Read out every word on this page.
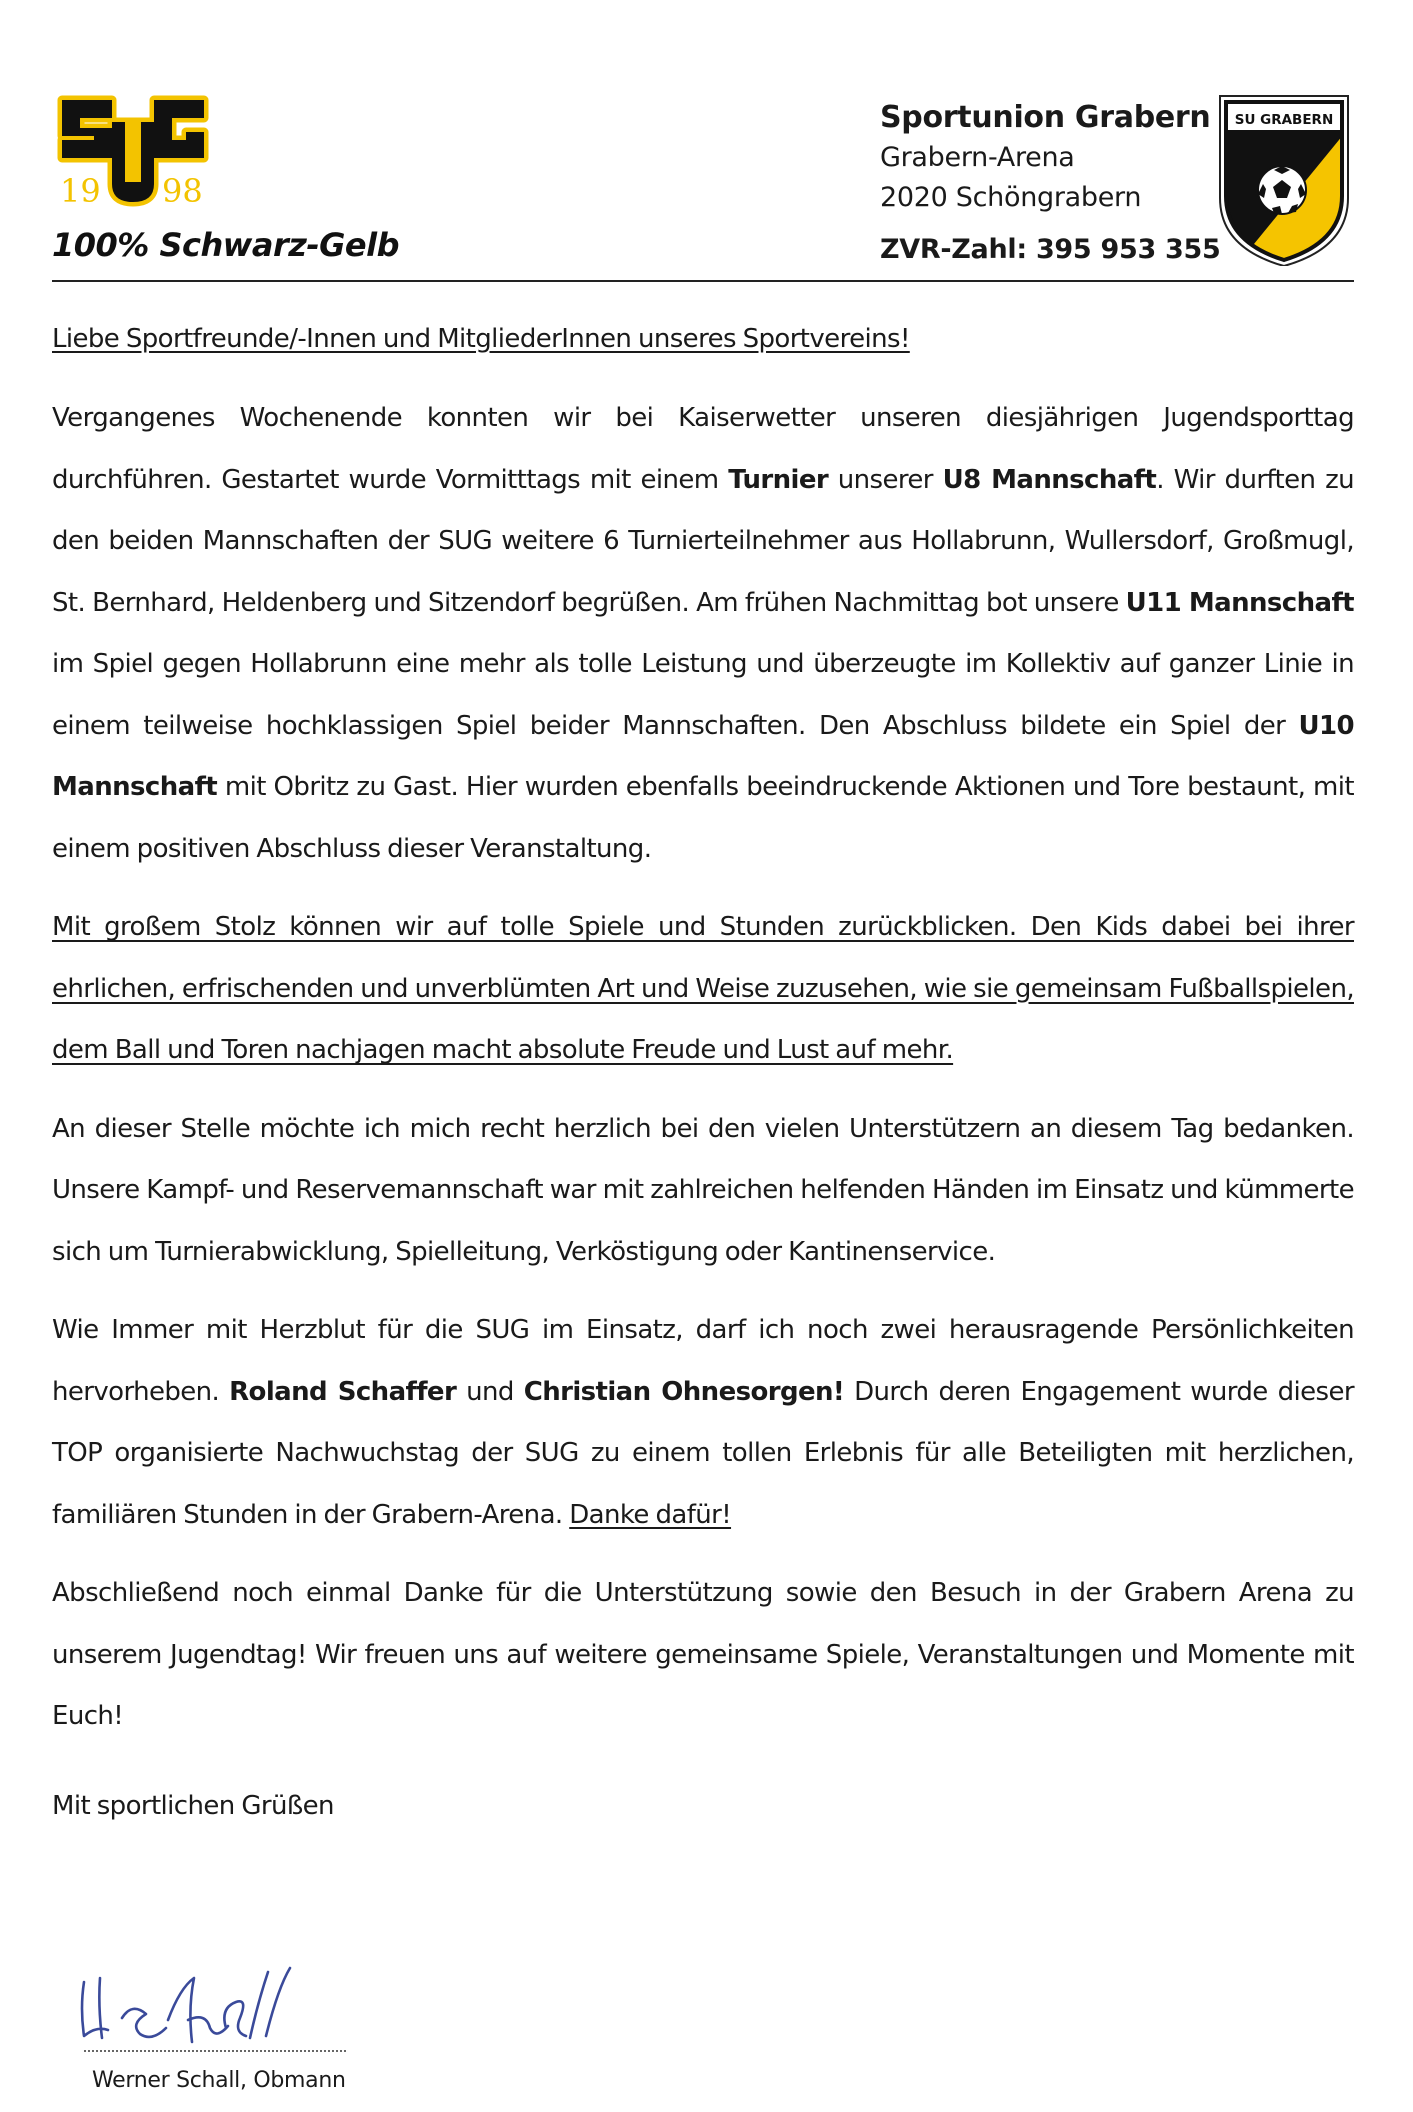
19 98
100% Schwarz-Gelb
Sportunion Grabern
Grabern-Arena
2020 Schöngrabern
ZVR-Zahl: 395 953 355
SU GRABERN
Liebe Sportfreunde/-Innen und MitgliederInnen unseres Sportvereins!

Vergangenes Wochenende konnten wir bei Kaiserwetter unseren diesjährigen Jugendsporttag durchführen. Gestartet wurde Vormitttags mit einem Turnier unserer U8 Mannschaft. Wir durften zu den beiden Mannschaften der SUG weitere 6 Turnierteilnehmer aus Hollabrunn, Wullersdorf, Großmugl, St. Bernhard, Heldenberg und Sitzendorf begrüßen. Am frühen Nachmittag bot unsere U11 Mannschaft im Spiel gegen Hollabrunn eine mehr als tolle Leistung und überzeugte im Kollektiv auf ganzer Linie in einem teilweise hochklassigen Spiel beider Mannschaften. Den Abschluss bildete ein Spiel der U10 Mannschaft mit Obritz zu Gast. Hier wurden ebenfalls beeindruckende Aktionen und Tore bestaunt, mit einem positiven Abschluss dieser Veranstaltung.

Mit großem Stolz können wir auf tolle Spiele und Stunden zurückblicken. Den Kids dabei bei ihrer ehrlichen, erfrischenden und unverblümten Art und Weise zuzusehen, wie sie gemeinsam Fußballspielen, dem Ball und Toren nachjagen macht absolute Freude und Lust auf mehr.

An dieser Stelle möchte ich mich recht herzlich bei den vielen Unterstützern an diesem Tag bedanken. Unsere Kampf- und Reservemannschaft war mit zahlreichen helfenden Händen im Einsatz und kümmerte sich um Turnierabwicklung, Spielleitung, Verköstigung oder Kantinenservice.

Wie Immer mit Herzblut für die SUG im Einsatz, darf ich noch zwei herausragende Persönlichkeiten hervorheben. Roland Schaffer und Christian Ohnesorgen! Durch deren Engagement wurde dieser TOP organisierte Nachwuchstag der SUG zu einem tollen Erlebnis für alle Beteiligten mit herzlichen, familiären Stunden in der Grabern-Arena. Danke dafür!

Abschließend noch einmal Danke für die Unterstützung sowie den Besuch in der Grabern Arena zu unserem Jugendtag! Wir freuen uns auf weitere gemeinsame Spiele, Veranstaltungen und Momente mit Euch!

Mit sportlichen Grüßen
Werner Schall, Obmann
